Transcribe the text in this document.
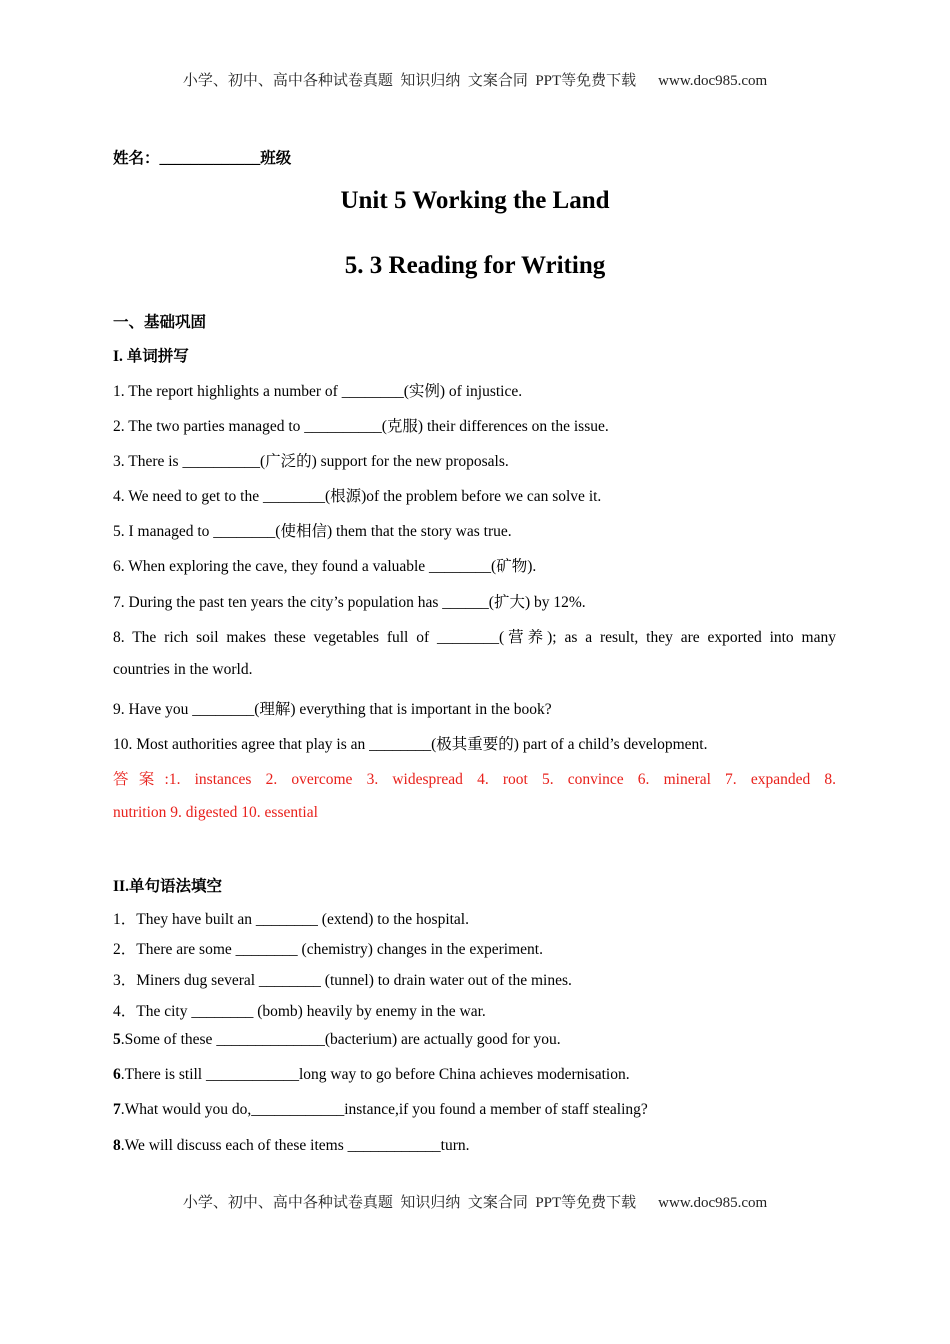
小学、初中、高中各种试卷真题  知识归纳  文案合同  PPT等免费下载 www.doc985.com
姓名：_____________班级
Unit 5 Working the Land
5. 3 Reading for Writing
一、基础巩固
I. 单词拼写
1. The report highlights a number of ________(实例) of injustice.
2. The two parties managed to __________(克服) their differences on the issue.
3. There is __________(广泛的) support for the new proposals.
4. We need to get to the ________(根源)of the problem before we can solve it.
5. I managed to ________(使相信) them that the story was true.
6. When exploring the cave, they found a valuable ________(矿物).
7. During the past ten years the city’s population has ______(扩大) by 12%.
8. The rich soil makes these vegetables full of ________(营养); as a result, they are exported into many
countries in the world.
9. Have you ________(理解) everything that is important in the book?
10. Most authorities agree that play is an ________(极其重要的) part of a child’s development.
答案:1. instances 2. overcome 3. widespread 4. root 5. convince 6. mineral 7. expanded 8.
nutrition 9. digested 10. essential
II.单句语法填空
1．They have built an ________ (extend) to the hospital.
2．There are some ________ (chemistry) changes in the experiment.
3．Miners dug several ________ (tunnel) to drain water out of the mines.
4．The city ________ (bomb) heavily by enemy in the war.
5.Some of these ______________(bacterium) are actually good for you.
6.There is still ____________long way to go before China achieves modernisation.
7.What would you do,____________instance,if you found a member of staff stealing?
8.We will discuss each of these items ____________turn.
小学、初中、高中各种试卷真题  知识归纳  文案合同  PPT等免费下载 www.doc985.com
